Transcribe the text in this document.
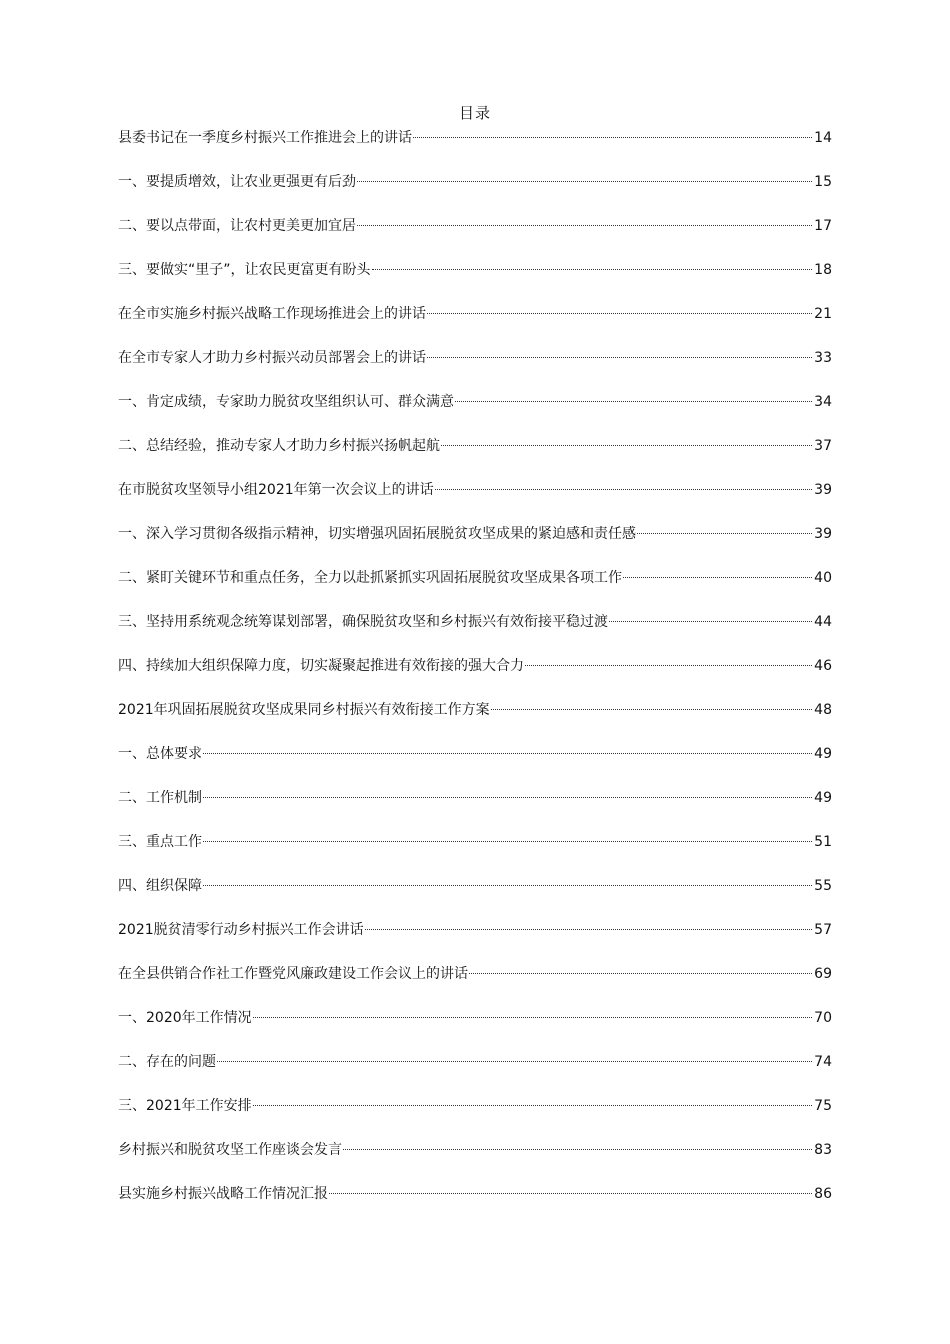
目录
县委书记在一季度乡村振兴工作推进会上的讲话	14
一、要提质增效，让农业更强更有后劲	15
二、要以点带面，让农村更美更加宜居	17
三、要做实“里子”，让农民更富更有盼头	18
在全市实施乡村振兴战略工作现场推进会上的讲话	21
在全市专家人才助力乡村振兴动员部署会上的讲话	33
一、肯定成绩，专家助力脱贫攻坚组织认可、群众满意	34
二、总结经验，推动专家人才助力乡村振兴扬帆起航	37
在市脱贫攻坚领导小组2021年第一次会议上的讲话	39
一、深入学习贯彻各级指示精神，切实增强巩固拓展脱贫攻坚成果的紧迫感和责任感	39
二、紧盯关键环节和重点任务，全力以赴抓紧抓实巩固拓展脱贫攻坚成果各项工作	40
三、坚持用系统观念统筹谋划部署，确保脱贫攻坚和乡村振兴有效衔接平稳过渡	44
四、持续加大组织保障力度，切实凝聚起推进有效衔接的强大合力	46
2021年巩固拓展脱贫攻坚成果同乡村振兴有效衔接工作方案	48
一、总体要求	49
二、工作机制	49
三、重点工作	51
四、组织保障	55
2021脱贫清零行动乡村振兴工作会讲话	57
在全县供销合作社工作暨党风廉政建设工作会议上的讲话	69
一、2020年工作情况	70
二、存在的问题	74
三、2021年工作安排	75
乡村振兴和脱贫攻坚工作座谈会发言	83
县实施乡村振兴战略工作情况汇报	86
